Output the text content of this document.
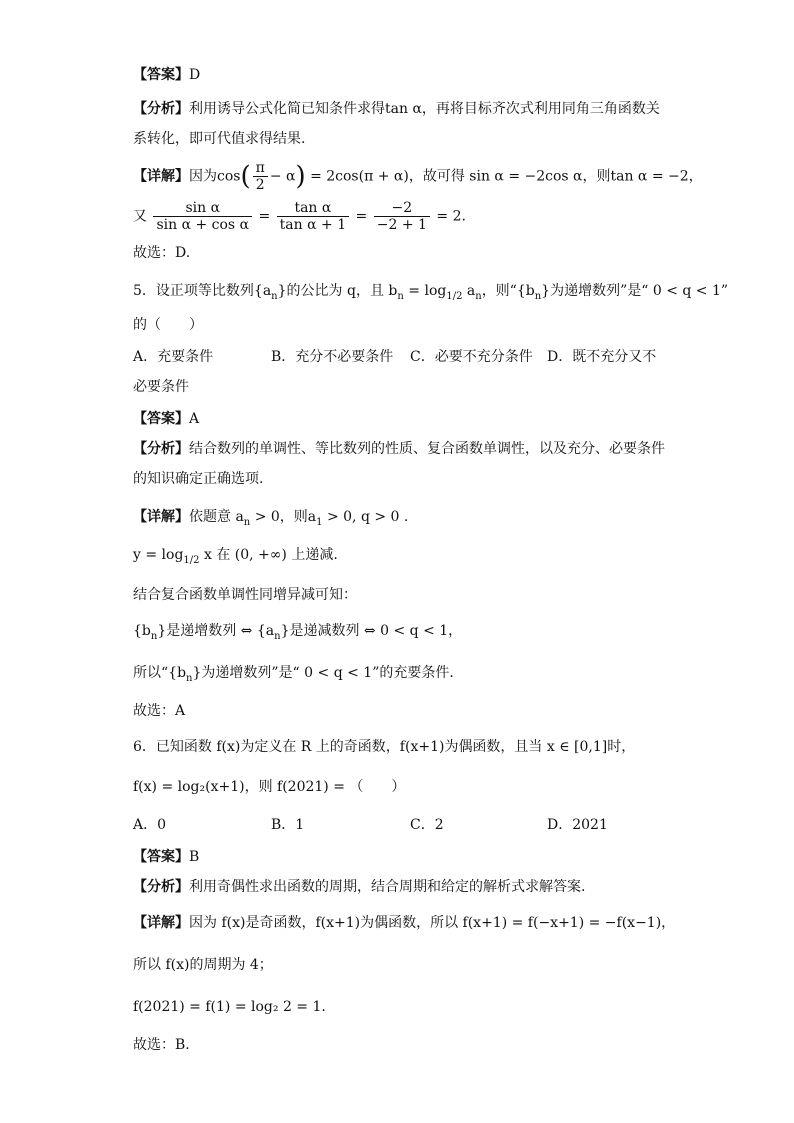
【答案】D
【分析】利用诱导公式化简已知条件求得tan α，再将目标齐次式利用同角三角函数关
系转化，即可代值求得结果.
【详解】因为$\cos( \frac{\pi}{2} - \alpha) = 2\cos(\pi + \alpha)$，故可得 sin α = −2cos α，则tan α = −2，
又 $\frac{\text{sin α}}{\text{sin α + cos α}} = \frac{\text{tan α}}{\text{tan α + 1}} = \frac{-2}{-2 + 1} = 2$.
故选：D.
5．设正项等比数列$\{a_n\}$的公比为 q，且 $b_n = \log_{1/2} a_n$，则“$\{b_n\}$为递增数列”是“ 0 < q < 1”
的（　　）
A．充要条件	B．充分不必要条件 C．必要不充分条件 D．既不充分又不
必要条件
【答案】A
【分析】结合数列的单调性、等比数列的性质、复合函数单调性，以及充分、必要条件
的知识确定正确选项.
【详解】依题意 $a_n > 0$，则$a_1 > 0$, q > 0 .
$y = \log_{1/2} x$ 在 (0, +∞) 上递减.
结合复合函数单调性同增异减可知：
$\{b_n\}$是递增数列 ⇔ $\{a_n\}$是递减数列 ⇔ 0 < q < 1，
所以“$\{b_n\}$为递增数列”是“ 0 < q < 1”的充要条件.
故选：A
6．已知函数 f(x)为定义在 R 上的奇函数，f(x+1)为偶函数，且当 x ∈ [0,1]时，
f(x) = log₂(x+1)，则 f(2021) = （　　）
A．0	B．1	C．2	D．2021
【答案】B
【分析】利用奇偶性求出函数的周期，结合周期和给定的解析式求解答案.
【详解】因为 f(x)是奇函数，f(x+1)为偶函数，所以 f(x+1) = f(−x+1) = −f(x−1)，
所以 f(x)的周期为 4；
f(2021) = f(1) = log₂ 2 = 1.
故选：B.
